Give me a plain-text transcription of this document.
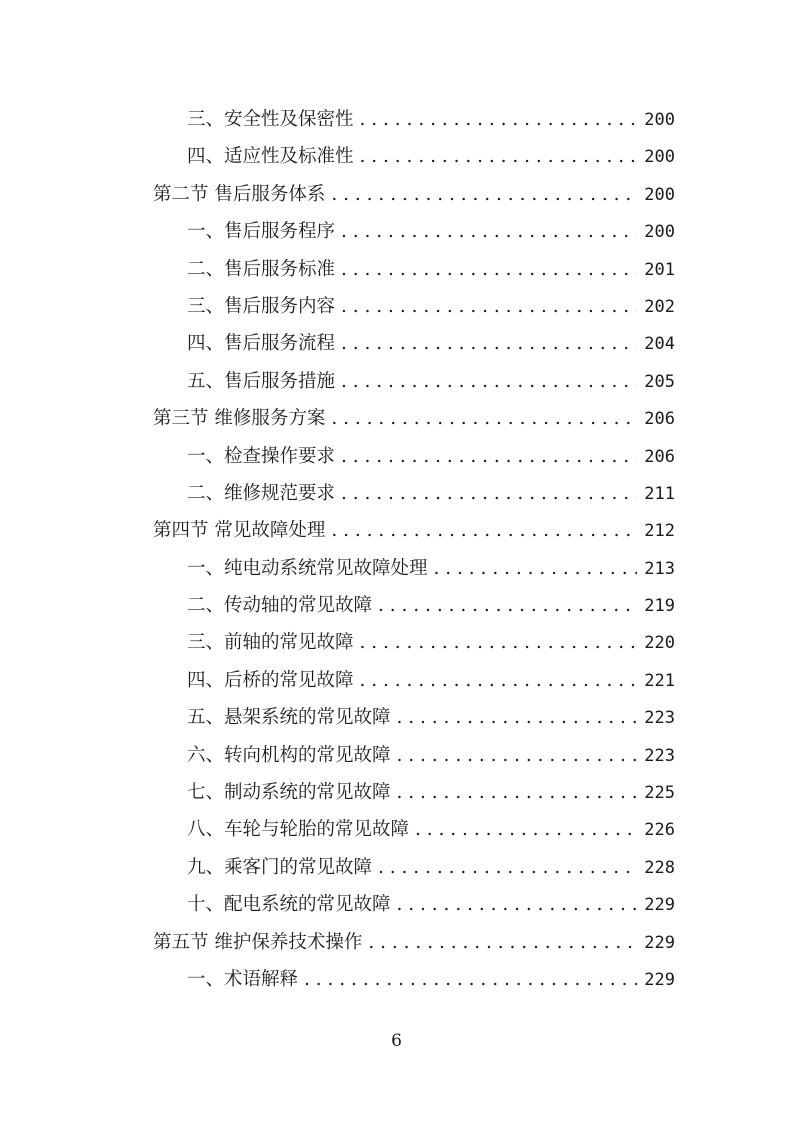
三、安全性及保密性 . . .	200
四、适应性及标准性 . . .	200
第二节 售后服务体系 . . .	200
一、售后服务程序 . . .	200
二、售后服务标准 . . .	201
三、售后服务内容 . . .	202
四、售后服务流程 . . .	204
五、售后服务措施 . . .	205
第三节 维修服务方案 . . .	206
一、检查操作要求 . . .	206
二、维修规范要求 . . .	211
第四节 常见故障处理 . . .	212
一、纯电动系统常见故障处理 . . .	213
二、传动轴的常见故障 . . .	219
三、前轴的常见故障 . . .	220
四、后桥的常见故障 . . .	221
五、悬架系统的常见故障 . . .	223
六、转向机构的常见故障 . . .	223
七、制动系统的常见故障 . . .	225
八、车轮与轮胎的常见故障 . . .	226
九、乘客门的常见故障 . . .	228
十、配电系统的常见故障 . . .	229
第五节 维护保养技术操作 . . .	229
一、术语解释 . . .	229
6
